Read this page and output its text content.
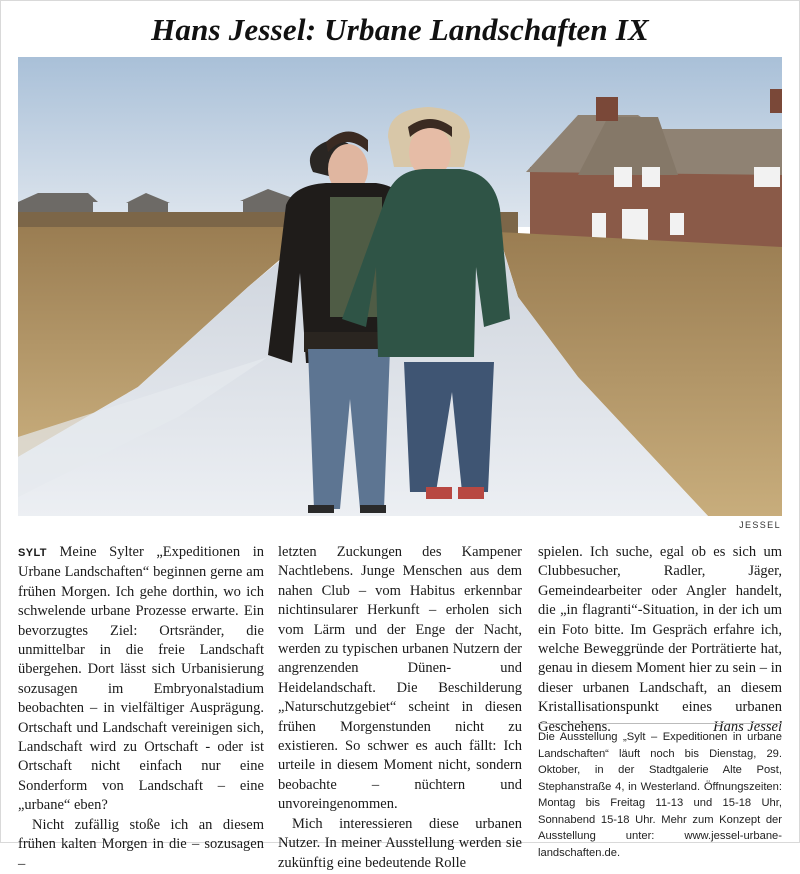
Hans Jessel: Urbane Landschaften IX
JESSEL

SYLT Meine Sylter „Expeditionen in Urbane Landschaften“ beginnen gerne am frühen Morgen. Ich gehe dorthin, wo ich schwelende urbane Prozesse erwarte. Ein bevorzugtes Ziel: Ortsränder, die unmittelbar in die freie Landschaft übergehen. Dort lässt sich Urbanisierung sozusagen im Embryonalstadium beobachten – in vielfältiger Ausprägung. Ortschaft und Landschaft vereinigen sich, Landschaft wird zu Ortschaft - oder ist Ortschaft nicht einfach nur eine Sonderform von Landschaft – eine „urbane“ eben?

Nicht zufällig stoße ich an diesem frühen kalten Morgen in die – sozusagen –

letzten Zuckungen des Kampener Nachtlebens. Junge Menschen aus dem nahen Club – vom Habitus erkennbar nichtinsularer Herkunft – erholen sich vom Lärm und der Enge der Nacht, werden zu typischen urbanen Nutzern der angrenzenden Dünen- und Heidelandschaft. Die Beschilderung „Naturschutzgebiet“ scheint in diesen frühen Morgenstunden nicht zu existieren. So schwer es auch fällt: Ich urteile in diesem Moment nicht, sondern beobachte – nüchtern und unvoreingenommen.

Mich interessieren diese urbanen Nutzer. In meiner Ausstellung werden sie zukünftig eine bedeutende Rolle

spielen. Ich suche, egal ob es sich um Clubbesucher, Radler, Jäger, Gemeindearbeiter oder Angler handelt, die „in flagranti“-Situation, in der ich um ein Foto bitte. Im Gespräch erfahre ich, welche Beweggründe der Porträtierte hat, genau in diesem Moment hier zu sein – in dieser urbanen Landschaft, an diesem Kristallisationspunkt eines urbanen Geschehens.	Hans Jessel

Die Ausstellung „Sylt – Expeditionen in urbane Landschaften“ läuft noch bis Dienstag, 29. Oktober, in der Stadtgalerie Alte Post, Stephanstraße 4, in Westerland. Öffnungszeiten: Montag bis Freitag 11-13 und 15-18 Uhr, Sonnabend 15-18 Uhr. Mehr zum Konzept der Ausstellung unter: www.jessel-urbane-landschaften.de.
